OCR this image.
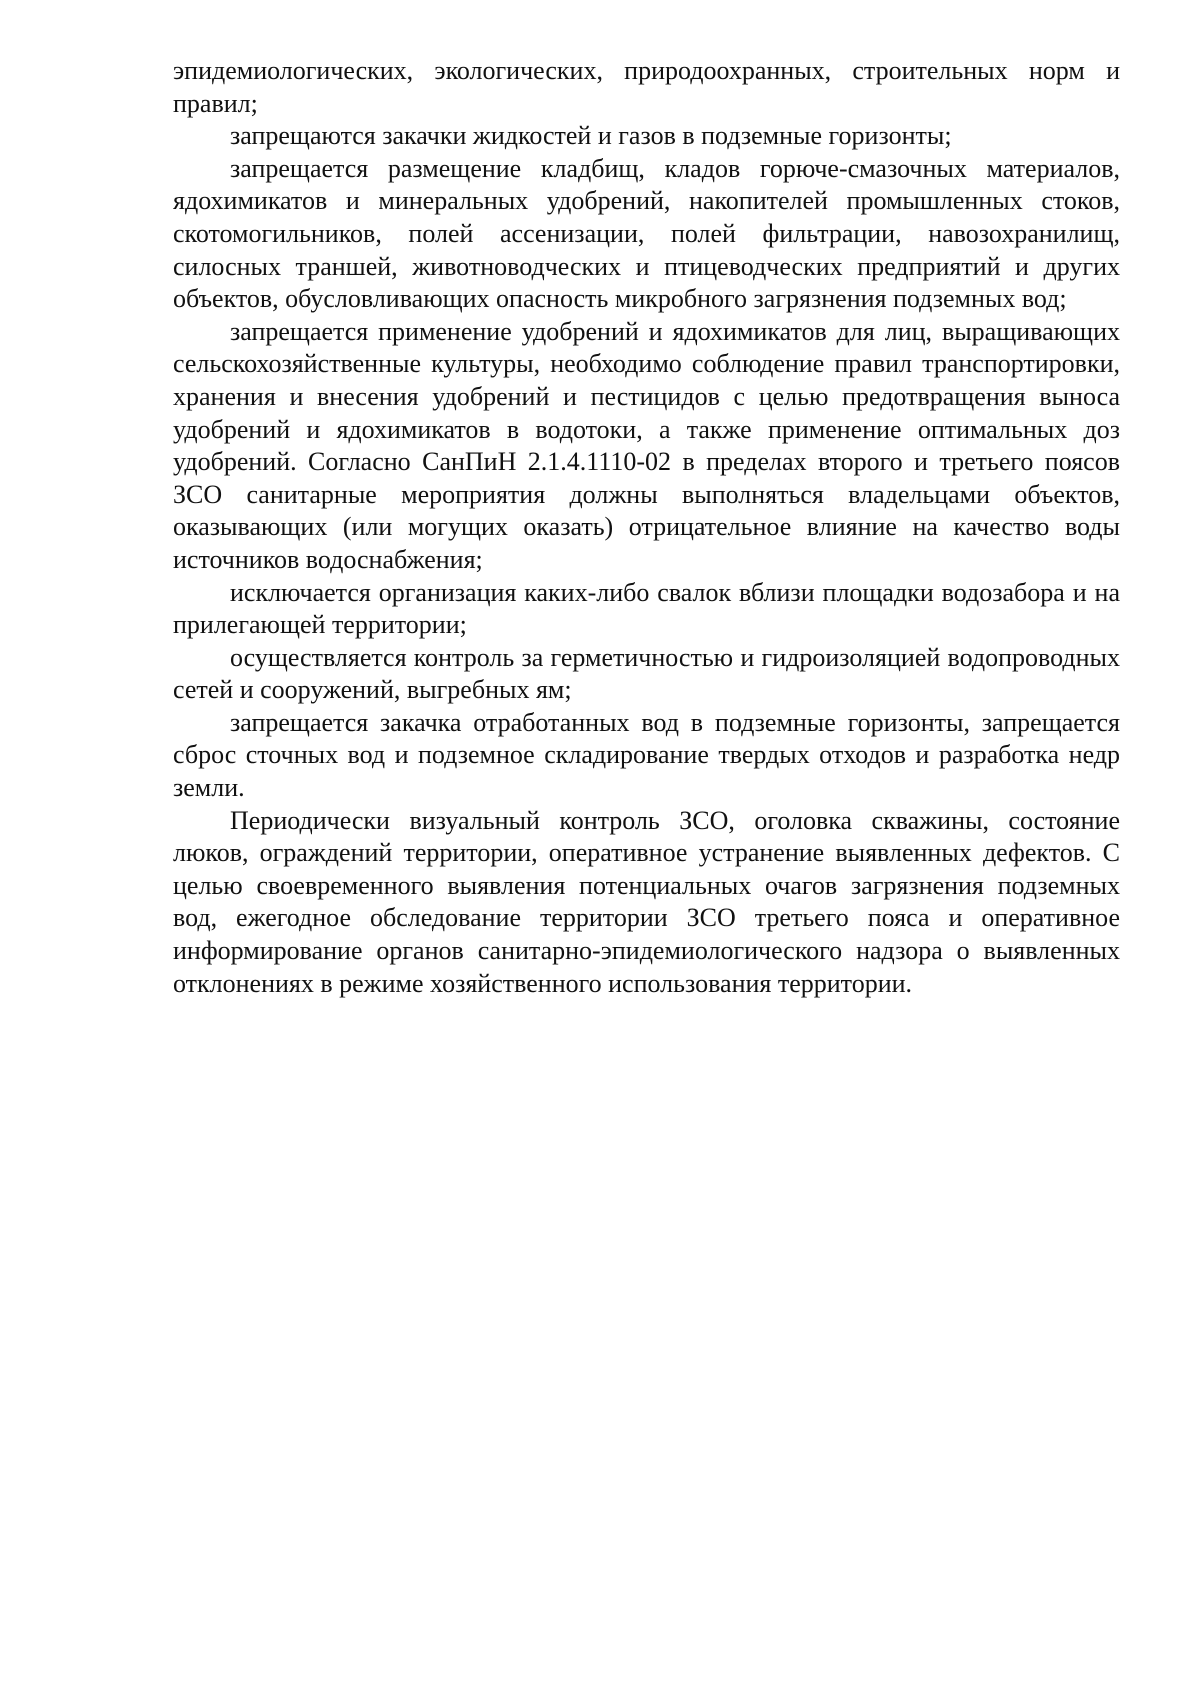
эпидемиологических, экологических, природоохранных, строительных норм и правил;

запрещаются закачки жидкостей и газов в подземные горизонты;

запрещается размещение кладбищ, кладов горюче-смазочных материалов, ядохимикатов и минеральных удобрений, накопителей промышленных стоков, скотомогильников, полей ассенизации, полей фильтрации, навозохранилищ, силосных траншей, животноводческих и птицеводческих предприятий и других объектов, обусловливающих опасность микробного загрязнения подземных вод;

запрещается применение удобрений и ядохимикатов для лиц, выращивающих сельскохозяйственные культуры, необходимо соблюдение правил транспортировки, хранения и внесения удобрений и пестицидов с целью предотвращения выноса удобрений и ядохимикатов в водотоки, а также применение оптимальных доз удобрений. Согласно СанПиН 2.1.4.1110-02 в пределах второго и третьего поясов ЗСО санитарные мероприятия должны выполняться владельцами объектов, оказывающих (или могущих оказать) отрицательное влияние на качество воды источников водоснабжения;

исключается организация каких-либо свалок вблизи площадки водозабора и на прилегающей территории;

осуществляется контроль за герметичностью и гидроизоляцией водопроводных сетей и сооружений, выгребных ям;

запрещается закачка отработанных вод в подземные горизонты, запрещается сброс сточных вод и подземное складирование твердых отходов и разработка недр земли.

Периодически визуальный контроль ЗСО, оголовка скважины, состояние люков, ограждений территории, оперативное устранение выявленных дефектов. С целью своевременного выявления потенциальных очагов загрязнения подземных вод, ежегодное обследование территории ЗСО третьего пояса и оперативное информирование органов санитарно-эпидемиологического надзора о выявленных отклонениях в режиме хозяйственного использования территории.
